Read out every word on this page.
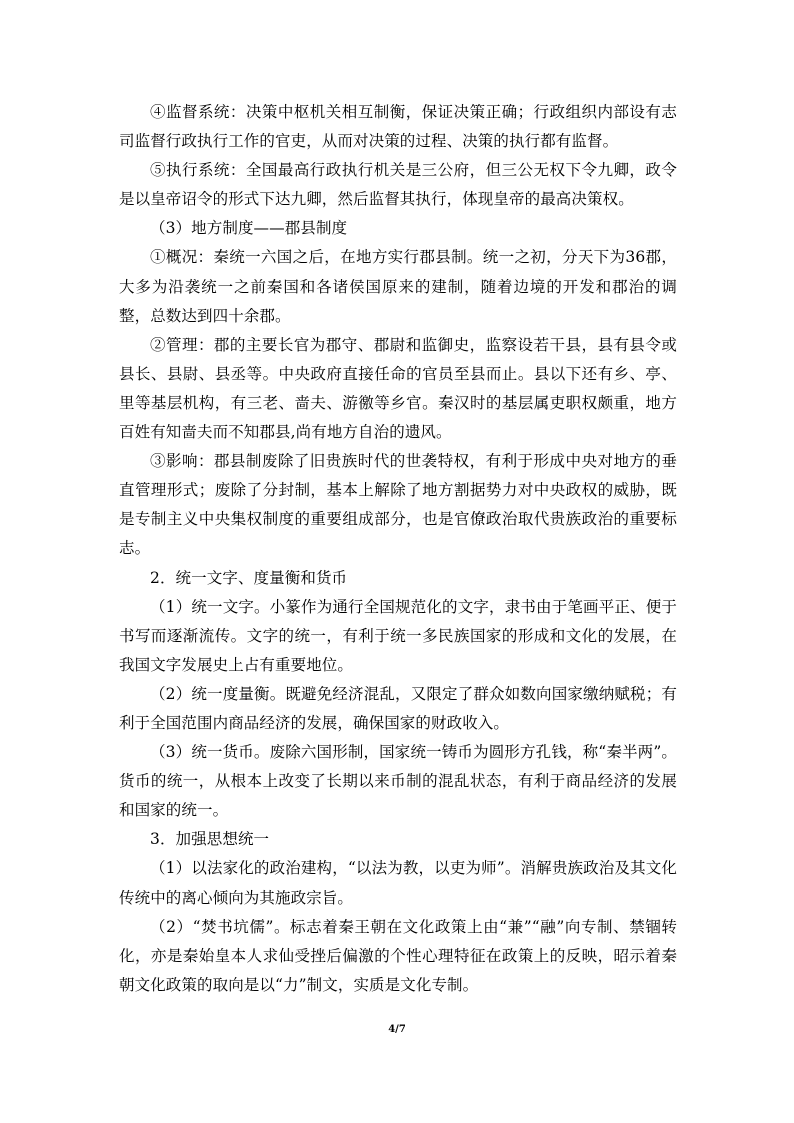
④监督系统：决策中枢机关相互制衡，保证决策正确；行政组织内部设有志司监督行政执行工作的官吏，从而对决策的过程、决策的执行都有监督。

⑤执行系统：全国最高行政执行机关是三公府，但三公无权下令九卿，政令是以皇帝诏令的形式下达九卿，然后监督其执行，体现皇帝的最高决策权。

（3）地方制度——郡县制度

①概况：秦统一六国之后，在地方实行郡县制。统一之初，分天下为36郡，大多为沿袭统一之前秦国和各诸侯国原来的建制，随着边境的开发和郡治的调整，总数达到四十余郡。

②管理：郡的主要长官为郡守、郡尉和监御史，监察设若干县，县有县令或县长、县尉、县丞等。中央政府直接任命的官员至县而止。县以下还有乡、亭、里等基层机构，有三老、啬夫、游徼等乡官。秦汉时的基层属吏职权颇重，地方百姓有知啬夫而不知郡县,尚有地方自治的遗风。

③影响：郡县制废除了旧贵族时代的世袭特权，有利于形成中央对地方的垂直管理形式；废除了分封制，基本上解除了地方割据势力对中央政权的威胁，既是专制主义中央集权制度的重要组成部分，也是官僚政治取代贵族政治的重要标志。

2．统一文字、度量衡和货币

（1）统一文字。小篆作为通行全国规范化的文字，隶书由于笔画平正、便于书写而逐渐流传。文字的统一，有利于统一多民族国家的形成和文化的发展，在我国文字发展史上占有重要地位。

（2）统一度量衡。既避免经济混乱，又限定了群众如数向国家缴纳赋税；有利于全国范围内商品经济的发展，确保国家的财政收入。

（3）统一货币。废除六国形制，国家统一铸币为圆形方孔钱，称“秦半两”。货币的统一，从根本上改变了长期以来币制的混乱状态，有利于商品经济的发展和国家的统一。

3．加强思想统一

（1）以法家化的政治建构，“以法为教，以吏为师”。消解贵族政治及其文化传统中的离心倾向为其施政宗旨。

（2）“焚书坑儒”。标志着秦王朝在文化政策上由“兼”“融”向专制、禁锢转化，亦是秦始皇本人求仙受挫后偏激的个性心理特征在政策上的反映，昭示着秦朝文化政策的取向是以“力”制文，实质是文化专制。

4/7
